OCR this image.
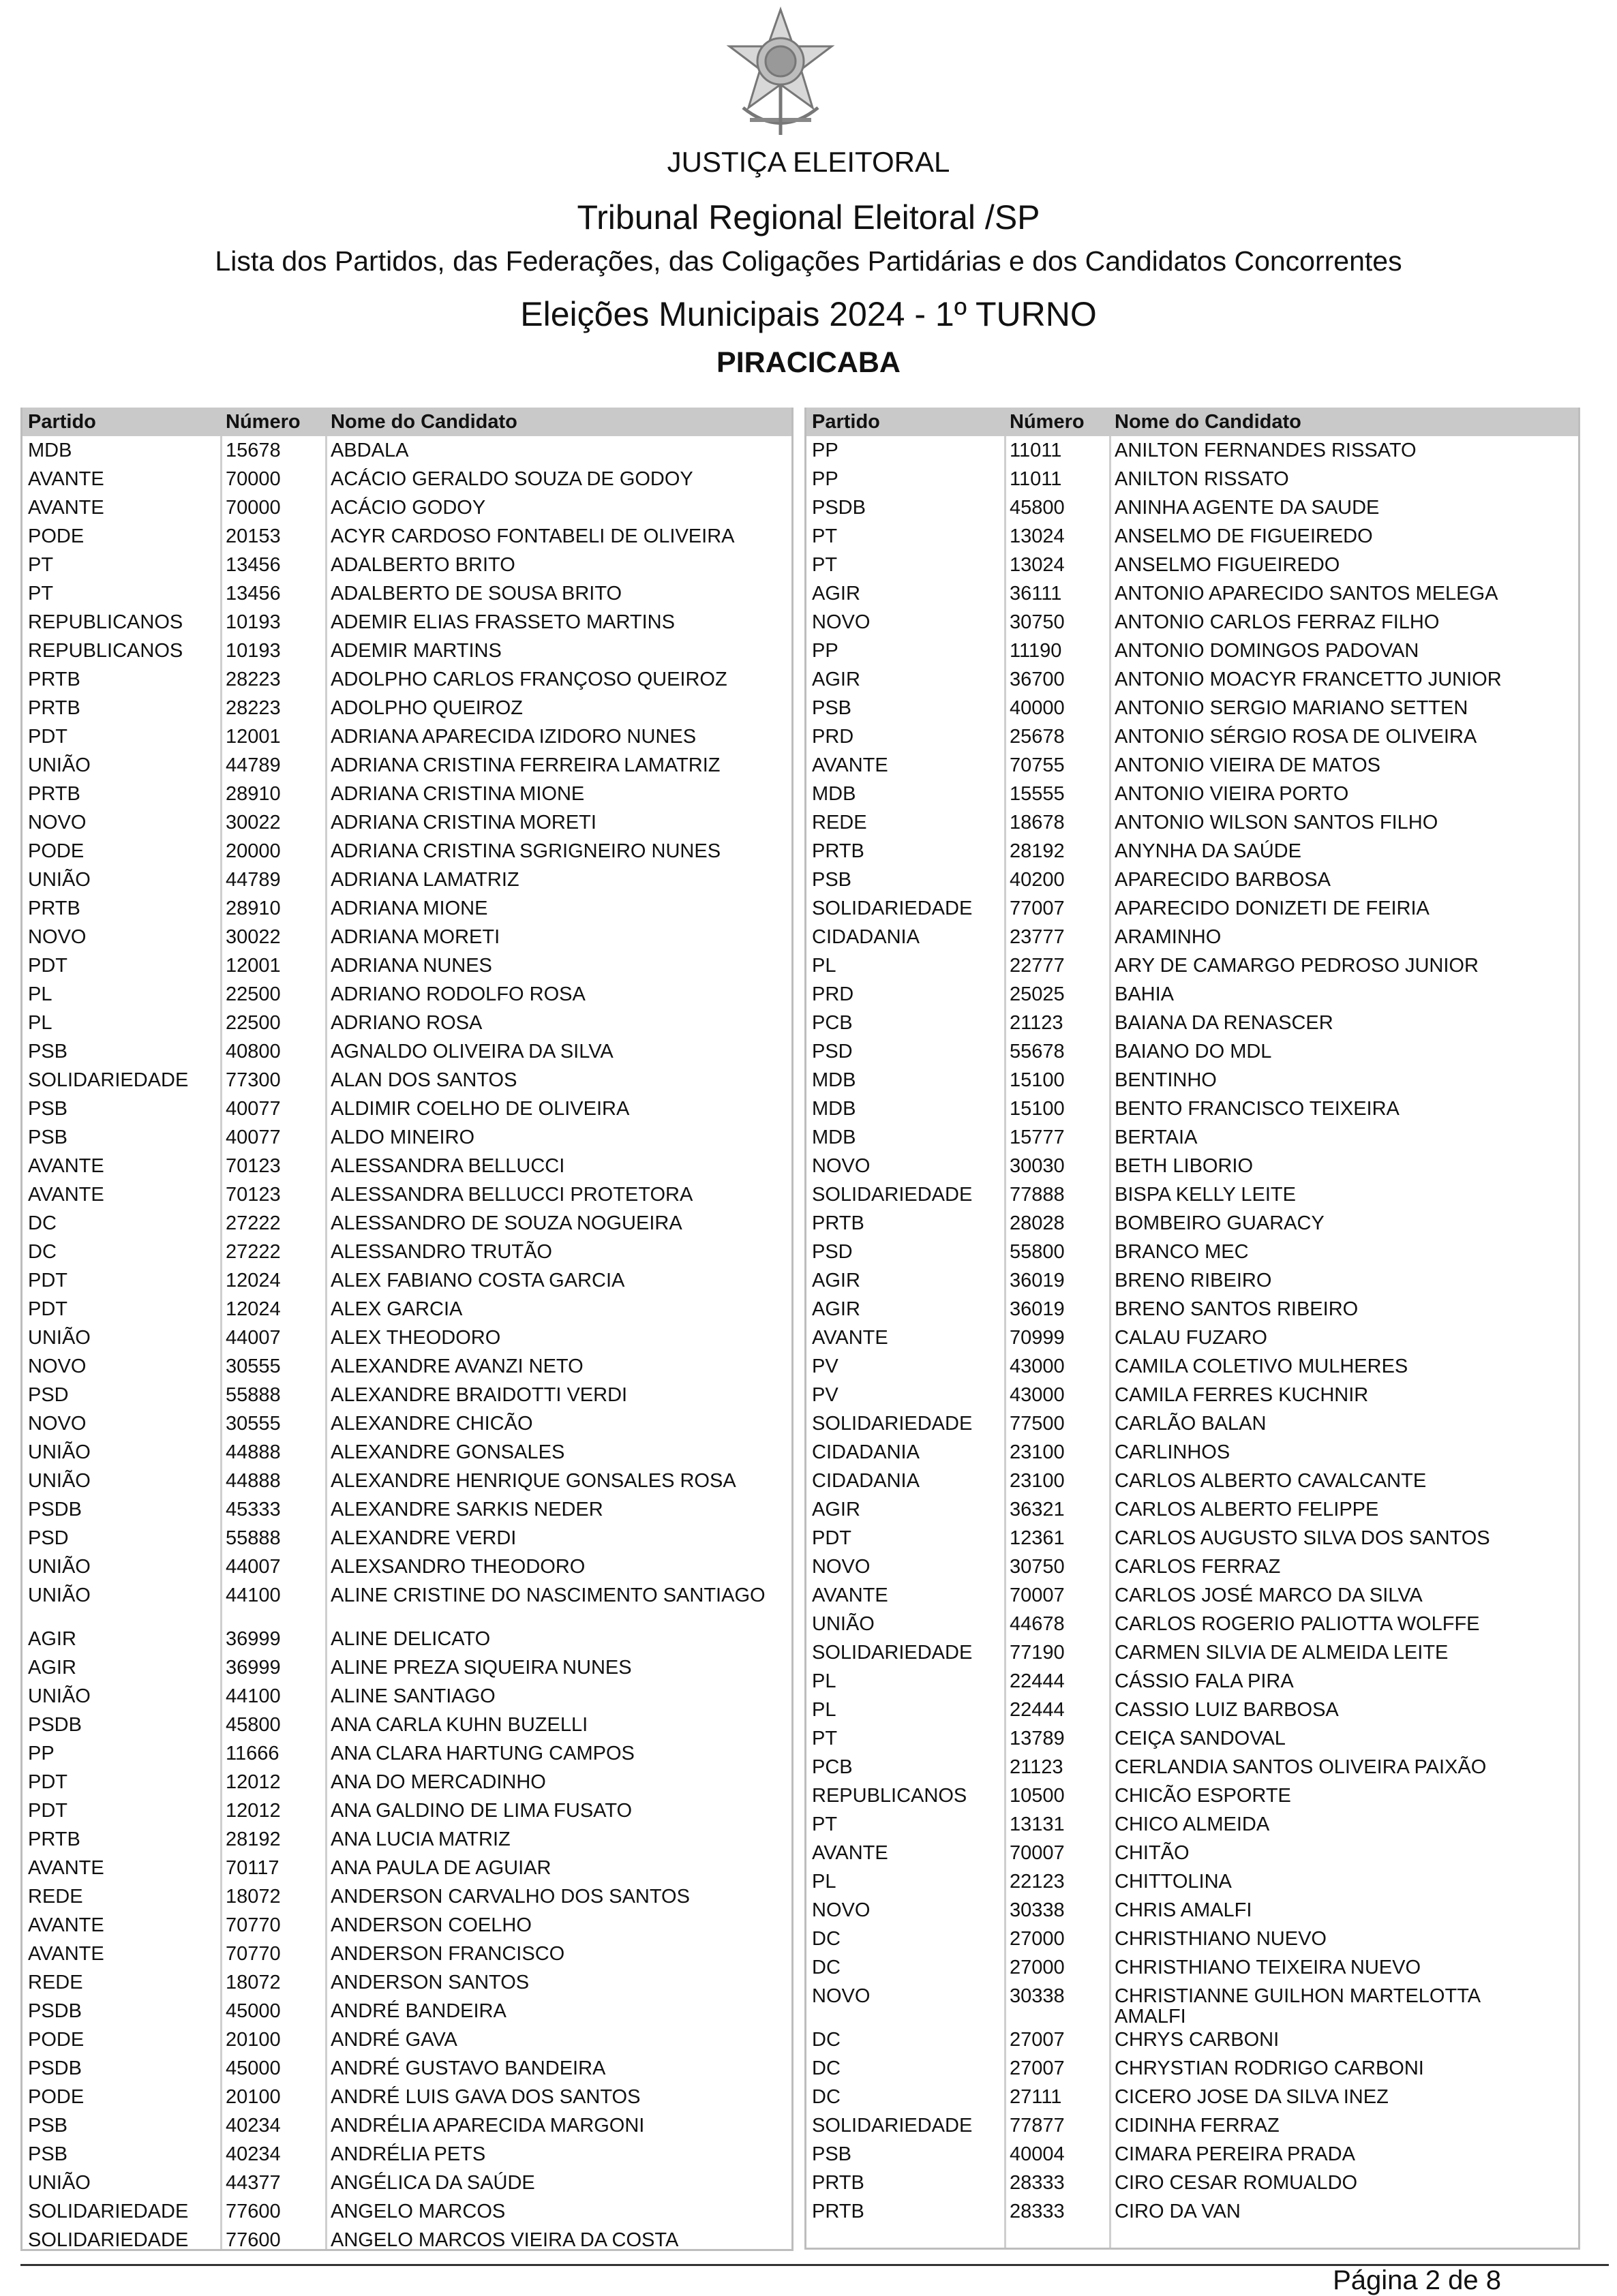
JUSTIÇA ELEITORAL
Tribunal Regional Eleitoral /SP
Lista dos Partidos, das Federações, das Coligações Partidárias e dos Candidatos Concorrentes
Eleições Municipais 2024 - 1º TURNO
PIRACICABA
Partido	Número Nome do Candidato
MDB	15678	ABDALA
AVANTE	70000	ACÁCIO GERALDO SOUZA DE GODOY
AVANTE	70000	ACÁCIO GODOY
PODE	20153	ACYR CARDOSO FONTABELI DE OLIVEIRA
PT	13456	ADALBERTO BRITO
PT	13456	ADALBERTO DE SOUSA BRITO
REPUBLICANOS 10193	ADEMIR ELIAS FRASSETO MARTINS
REPUBLICANOS 10193	ADEMIR MARTINS
PRTB	28223	ADOLPHO CARLOS FRANÇOSO QUEIROZ
PRTB	28223	ADOLPHO QUEIROZ
PDT	12001	ADRIANA APARECIDA IZIDORO NUNES
UNIÃO	44789	ADRIANA CRISTINA FERREIRA LAMATRIZ
PRTB	28910	ADRIANA CRISTINA MIONE
NOVO	30022	ADRIANA CRISTINA MORETI
PODE	20000	ADRIANA CRISTINA SGRIGNEIRO NUNES
UNIÃO	44789	ADRIANA LAMATRIZ
PRTB	28910	ADRIANA MIONE
NOVO	30022	ADRIANA MORETI
PDT	12001	ADRIANA NUNES
PL	22500	ADRIANO RODOLFO ROSA
PL	22500	ADRIANO ROSA
PSB	40800	AGNALDO OLIVEIRA DA SILVA
SOLIDARIEDADE 77300	ALAN DOS SANTOS
PSB	40077	ALDIMIR COELHO DE OLIVEIRA
PSB	40077	ALDO MINEIRO
AVANTE	70123	ALESSANDRA BELLUCCI
AVANTE	70123	ALESSANDRA BELLUCCI PROTETORA
DC	27222	ALESSANDRO DE SOUZA NOGUEIRA
DC	27222	ALESSANDRO TRUTÃO
PDT	12024	ALEX FABIANO COSTA GARCIA
PDT	12024	ALEX GARCIA
UNIÃO	44007	ALEX THEODORO
NOVO	30555	ALEXANDRE AVANZI NETO
PSD	55888	ALEXANDRE BRAIDOTTI VERDI
NOVO	30555	ALEXANDRE CHICÃO
UNIÃO	44888	ALEXANDRE GONSALES
UNIÃO	44888	ALEXANDRE HENRIQUE GONSALES ROSA
PSDB	45333	ALEXANDRE SARKIS NEDER
PSD	55888	ALEXANDRE VERDI
UNIÃO	44007	ALEXSANDRO THEODORO
UNIÃO	44100	ALINE CRISTINE DO NASCIMENTO SANTIAGO
AGIR	36999	ALINE DELICATO
AGIR	36999	ALINE PREZA SIQUEIRA NUNES
UNIÃO	44100	ALINE SANTIAGO
PSDB	45800	ANA CARLA KUHN BUZELLI
PP	11666	ANA CLARA HARTUNG CAMPOS
PDT	12012	ANA DO MERCADINHO
PDT	12012	ANA GALDINO DE LIMA FUSATO
PRTB	28192	ANA LUCIA MATRIZ
AVANTE	70117	ANA PAULA DE AGUIAR
REDE	18072	ANDERSON CARVALHO DOS SANTOS
AVANTE	70770	ANDERSON COELHO
AVANTE	70770	ANDERSON FRANCISCO
REDE	18072	ANDERSON SANTOS
PSDB	45000	ANDRÉ BANDEIRA
PODE	20100	ANDRÉ GAVA
PSDB	45000	ANDRÉ GUSTAVO BANDEIRA
PODE	20100	ANDRÉ LUIS GAVA DOS SANTOS
PSB	40234	ANDRÉLIA APARECIDA MARGONI
PSB	40234	ANDRÉLIA PETS
UNIÃO	44377	ANGÉLICA DA SAÚDE
SOLIDARIEDADE 77600	ANGELO MARCOS
SOLIDARIEDADE 77600	ANGELO MARCOS VIEIRA DA COSTA
Partido	Número Nome do Candidato
PP	11011	ANILTON FERNANDES RISSATO
PP	11011	ANILTON RISSATO
PSDB	45800	ANINHA AGENTE DA SAUDE
PT	13024	ANSELMO DE FIGUEIREDO
PT	13024	ANSELMO FIGUEIREDO
AGIR	36111	ANTONIO APARECIDO SANTOS MELEGA
NOVO	30750	ANTONIO CARLOS FERRAZ FILHO
PP	11190	ANTONIO DOMINGOS PADOVAN
AGIR	36700	ANTONIO MOACYR FRANCETTO JUNIOR
PSB	40000	ANTONIO SERGIO MARIANO SETTEN
PRD	25678	ANTONIO SÉRGIO ROSA DE OLIVEIRA
AVANTE	70755	ANTONIO VIEIRA DE MATOS
MDB	15555	ANTONIO VIEIRA PORTO
REDE	18678	ANTONIO WILSON SANTOS FILHO
PRTB	28192	ANYNHA DA SAÚDE
PSB	40200	APARECIDO BARBOSA
SOLIDARIEDADE 77007	APARECIDO DONIZETI DE FEIRIA
CIDADANIA	23777	ARAMINHO
PL	22777	ARY DE CAMARGO PEDROSO JUNIOR
PRD	25025	BAHIA
PCB	21123	BAIANA DA RENASCER
PSD	55678	BAIANO DO MDL
MDB	15100	BENTINHO
MDB	15100	BENTO FRANCISCO TEIXEIRA
MDB	15777	BERTAIA
NOVO	30030	BETH LIBORIO
SOLIDARIEDADE 77888	BISPA KELLY LEITE
PRTB	28028	BOMBEIRO GUARACY
PSD	55800	BRANCO MEC
AGIR	36019	BRENO RIBEIRO
AGIR	36019	BRENO SANTOS RIBEIRO
AVANTE	70999	CALAU FUZARO
PV	43000	CAMILA COLETIVO MULHERES
PV	43000	CAMILA FERRES KUCHNIR
SOLIDARIEDADE 77500	CARLÃO BALAN
CIDADANIA	23100	CARLINHOS
CIDADANIA	23100	CARLOS ALBERTO CAVALCANTE
AGIR	36321	CARLOS ALBERTO FELIPPE
PDT	12361	CARLOS AUGUSTO SILVA DOS SANTOS
NOVO	30750	CARLOS FERRAZ
AVANTE	70007	CARLOS JOSÉ MARCO DA SILVA
UNIÃO	44678	CARLOS ROGERIO PALIOTTA WOLFFE
SOLIDARIEDADE 77190	CARMEN SILVIA DE ALMEIDA LEITE
PL	22444	CÁSSIO FALA PIRA
PL	22444	CASSIO LUIZ BARBOSA
PT	13789	CEIÇA SANDOVAL
PCB	21123	CERLANDIA SANTOS OLIVEIRA PAIXÃO
REPUBLICANOS 10500	CHICÃO ESPORTE
PT	13131	CHICO ALMEIDA
AVANTE	70007	CHITÃO
PL	22123	CHITTOLINA
NOVO	30338	CHRIS AMALFI
DC	27000	CHRISTHIANO NUEVO
DC	27000	CHRISTHIANO TEIXEIRA NUEVO
NOVO	30338	CHRISTIANNE GUILHON MARTELOTTA AMALFI
DC	27007	CHRYS CARBONI
DC	27007	CHRYSTIAN RODRIGO CARBONI
DC	27111	CICERO JOSE DA SILVA INEZ
SOLIDARIEDADE 77877	CIDINHA FERRAZ
PSB	40004	CIMARA PEREIRA PRADA
PRTB	28333	CIRO CESAR ROMUALDO
PRTB	28333	CIRO DA VAN
Página 2 de 8
